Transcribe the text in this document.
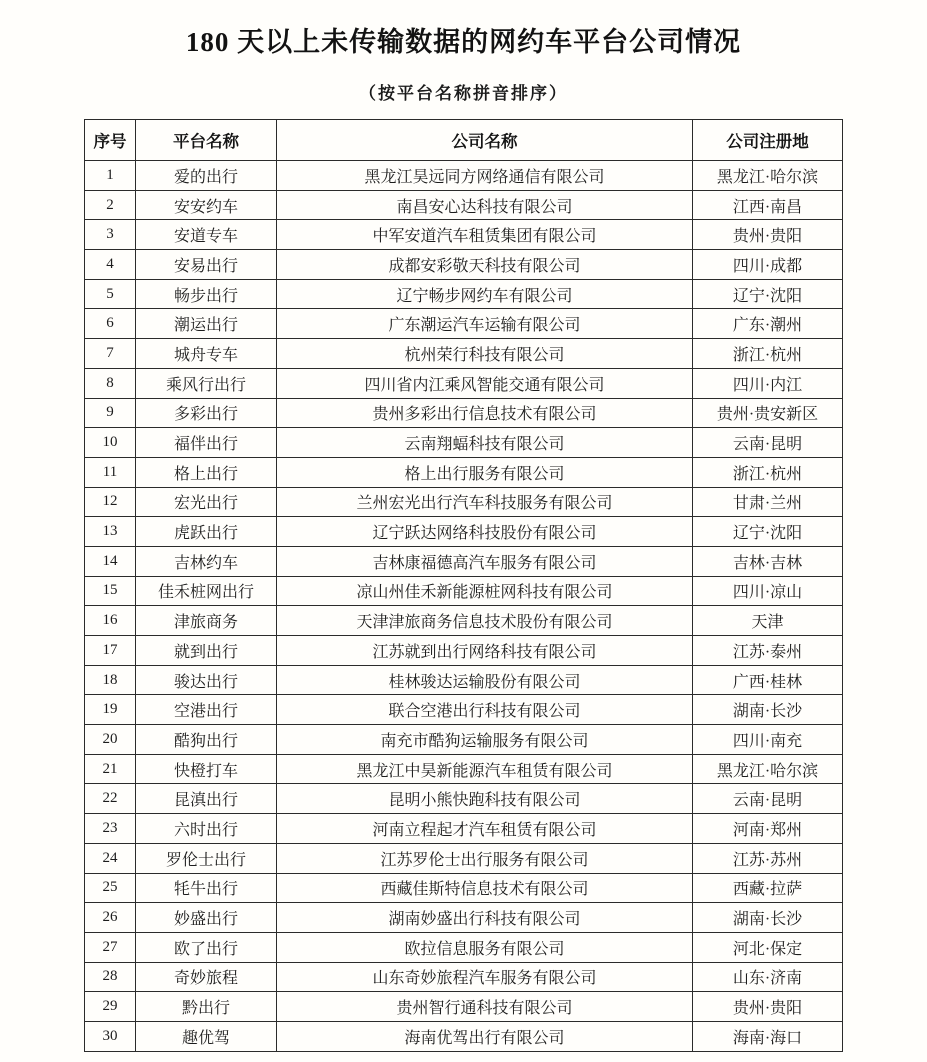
180 天以上未传输数据的网约车平台公司情况
（按平台名称拼音排序）
序号	平台名称	公司名称	公司注册地
1	爱的出行	黑龙江昊远同方网络通信有限公司	黑龙江·哈尔滨
2	安安约车	南昌安心达科技有限公司	江西·南昌
3	安道专车	中军安道汽车租赁集团有限公司	贵州·贵阳
4	安易出行	成都安彩敬天科技有限公司	四川·成都
5	畅步出行	辽宁畅步网约车有限公司	辽宁·沈阳
6	潮运出行	广东潮运汽车运输有限公司	广东·潮州
7	城舟专车	杭州荣行科技有限公司	浙江·杭州
8	乘风行出行	四川省内江乘风智能交通有限公司	四川·内江
9	多彩出行	贵州多彩出行信息技术有限公司	贵州·贵安新区
10	福伴出行	云南翔蝠科技有限公司	云南·昆明
11	格上出行	格上出行服务有限公司	浙江·杭州
12	宏光出行	兰州宏光出行汽车科技服务有限公司	甘肃·兰州
13	虎跃出行	辽宁跃达网络科技股份有限公司	辽宁·沈阳
14	吉林约车	吉林康福德高汽车服务有限公司	吉林·吉林
15	佳禾桩网出行	凉山州佳禾新能源桩网科技有限公司	四川·凉山
16	津旅商务	天津津旅商务信息技术股份有限公司	天津
17	就到出行	江苏就到出行网络科技有限公司	江苏·泰州
18	骏达出行	桂林骏达运输股份有限公司	广西·桂林
19	空港出行	联合空港出行科技有限公司	湖南·长沙
20	酷狗出行	南充市酷狗运输服务有限公司	四川·南充
21	快橙打车	黑龙江中昊新能源汽车租赁有限公司	黑龙江·哈尔滨
22	昆滇出行	昆明小熊快跑科技有限公司	云南·昆明
23	六时出行	河南立程起才汽车租赁有限公司	河南·郑州
24	罗伦士出行	江苏罗伦士出行服务有限公司	江苏·苏州
25	牦牛出行	西藏佳斯特信息技术有限公司	西藏·拉萨
26	妙盛出行	湖南妙盛出行科技有限公司	湖南·长沙
27	欧了出行	欧拉信息服务有限公司	河北·保定
28	奇妙旅程	山东奇妙旅程汽车服务有限公司	山东·济南
29	黔出行	贵州智行通科技有限公司	贵州·贵阳
30	趣优驾	海南优驾出行有限公司	海南·海口
